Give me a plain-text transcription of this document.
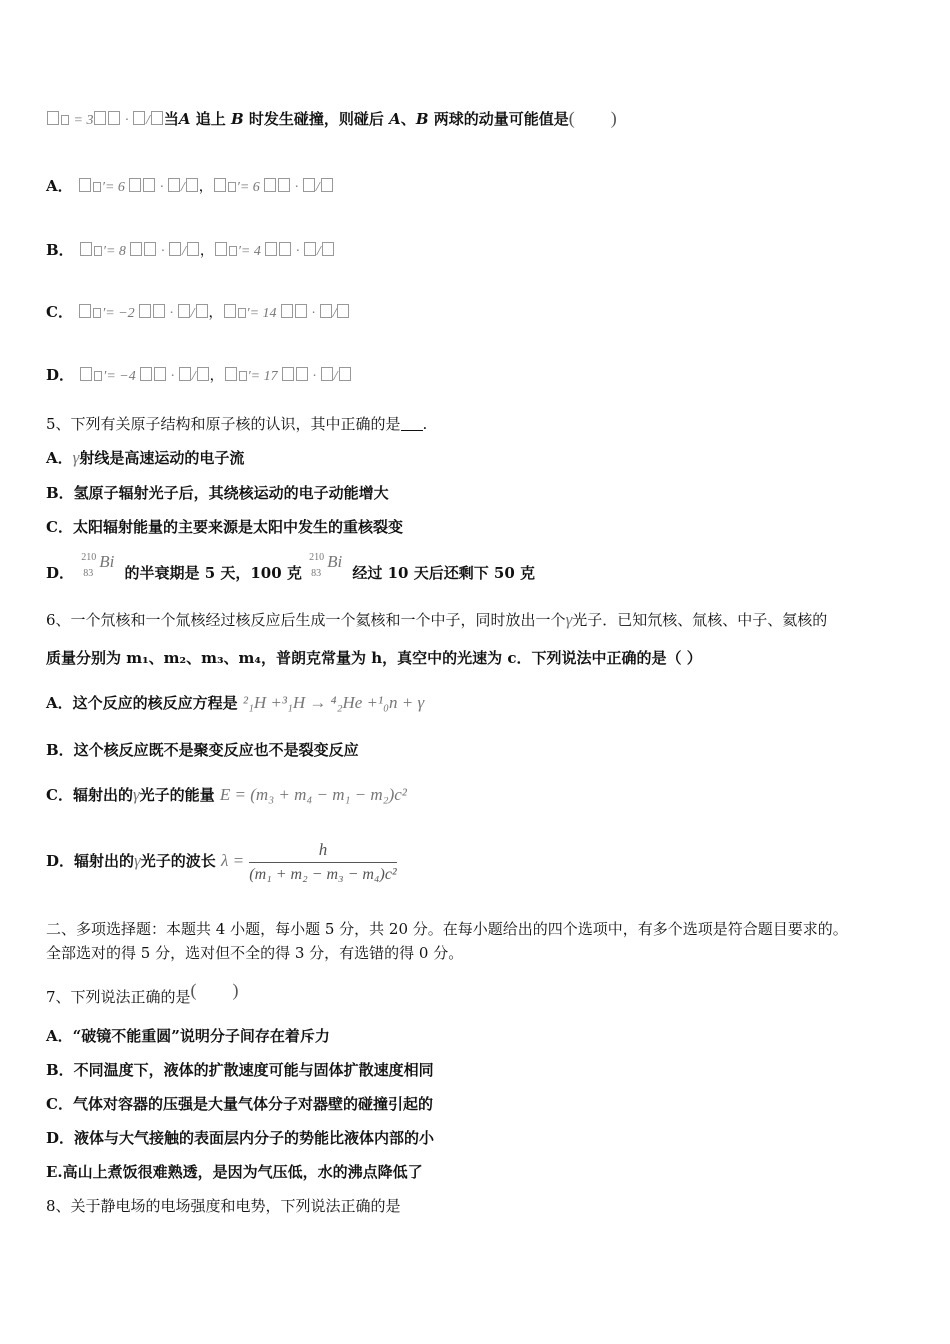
= 3 · / 当A 追上 B 时发生碰撞，则碰后 A、B 两球的动量可能值是(　　)
A． ′= 6  · / ， ′= 6  · /
B． ′= 8  · / ， ′= 4  · /
C． ′= −2  · / ， ′= 14  · /
D． ′= −4  · / ， ′= 17  · /
5、下列有关原子结构和原子核的认识，其中正确的是 .
A．γ射线是高速运动的电子流
B．氢原子辐射光子后，其绕核运动的电子动能增大
C．太阳辐射能量的主要来源是太阳中发生的重核裂变
D．
210
83
Bi
的半衰期是 5 天，100 克
210
83
Bi
经过 10 天后还剩下 50 克
6、一个氘核和一个氚核经过核反应后生成一个氦核和一个中子，同时放出一个γ光子．已知氘核、氚核、中子、氦核的
质量分别为 m₁、m₂、m₃、m₄，普朗克常量为 h，真空中的光速为 c．下列说法中正确的是（ ）
A．这个反应的核反应方程是 ²₁H +³₁H → ⁴₂He +¹₀n + γ
B．这个核反应既不是聚变反应也不是裂变反应
C．辐射出的γ光子的能量 E = (m₃ + m₄ − m₁ − m₂)c²
D．辐射出的γ光子的波长 $\lambda = \frac{h}{\text{(m₁ + m₂ − m₃ − m₄)c²}}$
二、多项选择题：本题共 4 小题，每小题 5 分，共 20 分。在每小题给出的四个选项中，有多个选项是符合题目要求的。
全部选对的得 5 分，选对但不全的得 3 分，有选错的得 0 分。
7、下列说法正确的是(　　)
A．“破镜不能重圆”说明分子间存在着斥力
B．不同温度下，液体的扩散速度可能与固体扩散速度相同
C．气体对容器的压强是大量气体分子对器壁的碰撞引起的
D．液体与大气接触的表面层内分子的势能比液体内部的小
E.高山上煮饭很难熟透，是因为气压低，水的沸点降低了
8、关于静电场的电场强度和电势，下列说法正确的是
